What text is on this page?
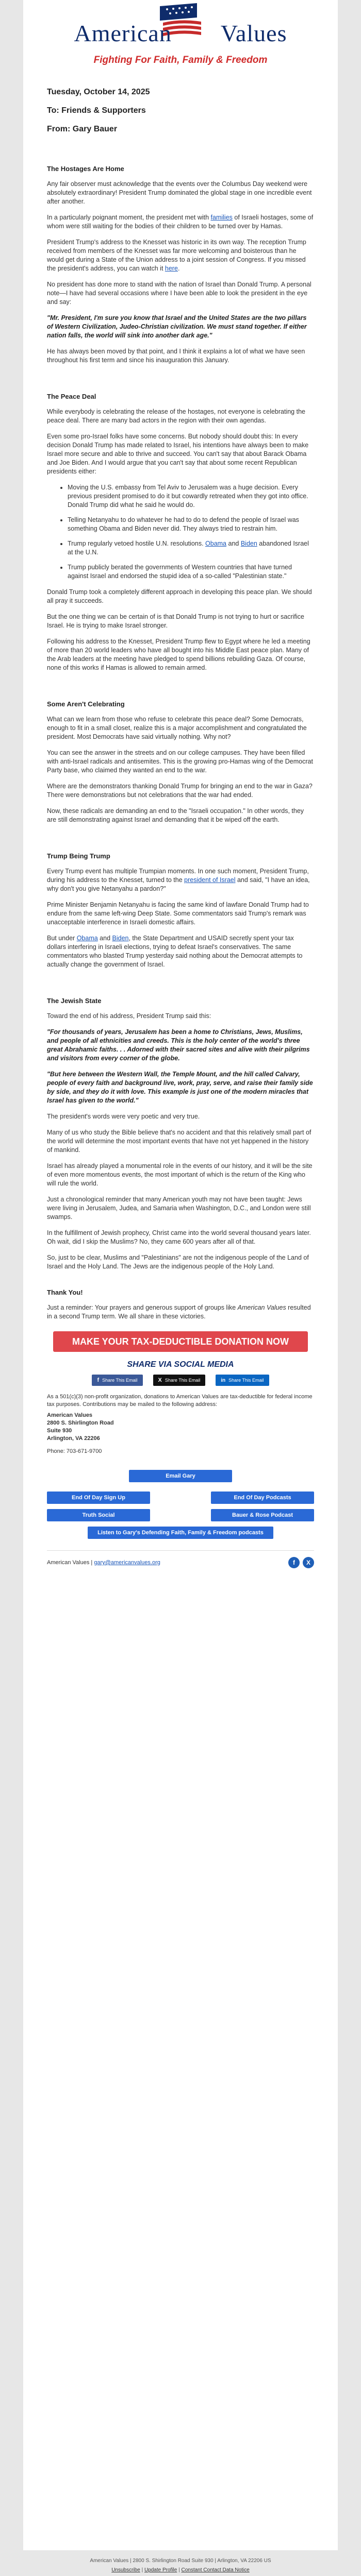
American Values
Fighting For Faith, Family & Freedom
Tuesday, October 14, 2025
To: Friends & Supporters
From: Gary Bauer
The Hostages Are Home

Any fair observer must acknowledge that the events over the Columbus Day weekend were absolutely extraordinary! President Trump dominated the global stage in one incredible event after another.

In a particularly poignant moment, the president met with families of Israeli hostages, some of whom were still waiting for the bodies of their children to be turned over by Hamas.

President Trump's address to the Knesset was historic in its own way. The reception Trump received from members of the Knesset was far more welcoming and boisterous than he would get during a State of the Union address to a joint session of Congress. If you missed the president's address, you can watch it here.

No president has done more to stand with the nation of Israel than Donald Trump. A personal note—I have had several occasions where I have been able to look the president in the eye and say:

"Mr. President, I'm sure you know that Israel and the United States are the two pillars of Western Civilization, Judeo-Christian civilization. We must stand together. If either nation falls, the world will sink into another dark age."

He has always been moved by that point, and I think it explains a lot of what we have seen throughout his first term and since his inauguration this January.

The Peace Deal

While everybody is celebrating the release of the hostages, not everyone is celebrating the peace deal. There are many bad actors in the region with their own agendas.

Even some pro-Israel folks have some concerns. But nobody should doubt this: In every decision Donald Trump has made related to Israel, his intentions have always been to make Israel more secure and able to thrive and succeed. You can't say that about Barack Obama and Joe Biden. And I would argue that you can't say that about some recent Republican presidents either:

• Moving the U.S. embassy from Tel Aviv to Jerusalem was a huge decision. Every previous president promised to do it but cowardly retreated when they got into office. Donald Trump did what he said he would do.
• Telling Netanyahu to do whatever he had to do to defend the people of Israel was something Obama and Biden never did. They always tried to restrain him.
• Trump regularly vetoed hostile U.N. resolutions. Obama and Biden abandoned Israel at the U.N.
• Trump publicly berated the governments of Western countries that have turned against Israel and endorsed the stupid idea of a so-called "Palestinian state."

Donald Trump took a completely different approach in developing this peace plan. We should all pray it succeeds.

But the one thing we can be certain of is that Donald Trump is not trying to hurt or sacrifice Israel. He is trying to make Israel stronger.

Following his address to the Knesset, President Trump flew to Egypt where he led a meeting of more than 20 world leaders who have all bought into his Middle East peace plan. Many of the Arab leaders at the meeting have pledged to spend billions rebuilding Gaza. Of course, none of this works if Hamas is allowed to remain armed.

Some Aren't Celebrating

What can we learn from those who refuse to celebrate this peace deal? Some Democrats, enough to fit in a small closet, realize this is a major accomplishment and congratulated the president. Most Democrats have said virtually nothing. Why not?

You can see the answer in the streets and on our college campuses. They have been filled with anti-Israel radicals and antisemites. This is the growing pro-Hamas wing of the Democrat Party base, who claimed they wanted an end to the war.

Where are the demonstrators thanking Donald Trump for bringing an end to the war in Gaza? There were demonstrations but not celebrations that the war had ended.

Now, these radicals are demanding an end to the "Israeli occupation." In other words, they are still demonstrating against Israel and demanding that it be wiped off the earth.

Trump Being Trump

Every Trump event has multiple Trumpian moments. In one such moment, President Trump, during his address to the Knesset, turned to the president of Israel and said, "I have an idea, why don't you give Netanyahu a pardon?"

Prime Minister Benjamin Netanyahu is facing the same kind of lawfare Donald Trump had to endure from the same left-wing Deep State. Some commentators said Trump's remark was unacceptable interference in Israeli domestic affairs.

But under Obama and Biden, the State Department and USAID secretly spent your tax dollars interfering in Israeli elections, trying to defeat Israel's conservatives. The same commentators who blasted Trump yesterday said nothing about the Democrat attempts to actually change the government of Israel.

The Jewish State

Toward the end of his address, President Trump said this:

"For thousands of years, Jerusalem has been a home to Christians, Jews, Muslims, and people of all ethnicities and creeds. This is the holy center of the world's three great Abrahamic faiths. . . Adorned with their sacred sites and alive with their pilgrims and visitors from every corner of the globe.

"But here between the Western Wall, the Temple Mount, and the hill called Calvary, people of every faith and background live, work, pray, serve, and raise their family side by side, and they do it with love. This example is just one of the modern miracles that Israel has given to the world."

The president's words were very poetic and very true.

Many of us who study the Bible believe that's no accident and that this relatively small part of the world will determine the most important events that have not yet happened in the history of mankind.

Israel has already played a monumental role in the events of our history, and it will be the site of even more momentous events, the most important of which is the return of the King who will rule the world.

Just a chronological reminder that many American youth may not have been taught: Jews were living in Jerusalem, Judea, and Samaria when Washington, D.C., and London were still swamps.

In the fulfillment of Jewish prophecy, Christ came into the world several thousand years later. Oh wait, did I skip the Muslims? No, they came 600 years after all of that.

So, just to be clear, Muslims and "Palestinians" are not the indigenous people of the Land of Israel and the Holy Land. The Jews are the indigenous people of the Holy Land.

Thank You!

Just a reminder: Your prayers and generous support of groups like American Values resulted in a second Trump term. We all share in these victories.

MAKE YOUR TAX-DEDUCTIBLE DONATION NOW
SHARE VIA SOCIAL MEDIA
f Share This Email	X Share This Email	in Share This Email

As a 501(c)(3) non-profit organization, donations to American Values are tax-deductible for federal income tax purposes. Contributions may be mailed to the following address:

American Values

2800 S. Shirlington Road

Suite 930

Arlington, VA 22206

Phone: 703-671-9700

Email Gary
End Of Day Sign Up	End Of Day Podcasts
Truth Social	Bauer & Rose Podcast
Listen to Gary's Defending Faith, Family & Freedom podcasts
American Values | gary@americanvalues.org	f X
American Values | 2800 S. Shirlington Road Suite 930 | Arlington, VA 22206 US
Unsubscribe | Update Profile | Constant Contact Data Notice
